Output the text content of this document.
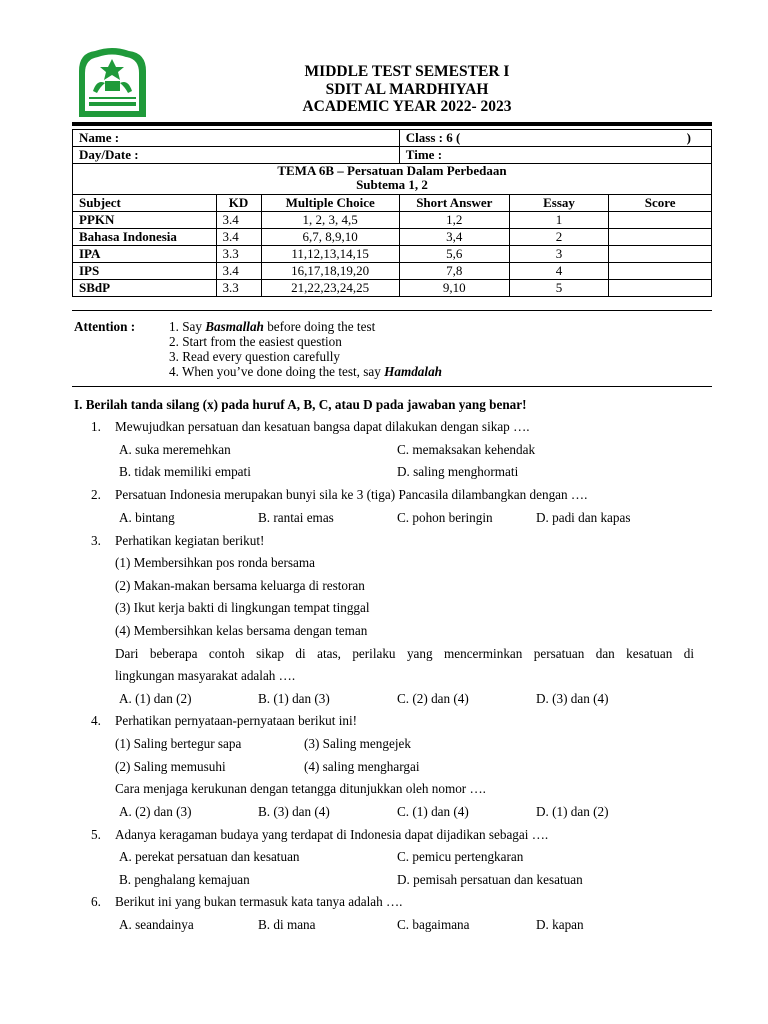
MIDDLE TEST SEMESTER I
SDIT AL MARDHIYAH
ACADEMIC YEAR 2022- 2023
Name :			Class : 6 ( )		

Day/Date :			Time :		

TEMA 6B – Persatuan Dalam Perbedaan
Subtema 1, 2					

Subject	KD	Multiple Choice	Short Answer	Essay	Score
PPKN	3.4	1, 2, 3, 4,5	1,2	1	
Bahasa Indonesia	3.4	6,7, 8,9,10	3,4	2	
IPA	3.3	11,12,13,14,15	5,6	3	
IPS	3.4	16,17,18,19,20	7,8	4	
SBdP	3.3	21,22,23,24,25	9,10	5	
Attention :	1. Say Basmallah before doing the test
2. Start from the easiest question
3. Read every question carefully
4. When you’ve done doing the test, say Hamdalah
I. Berilah tanda silang (x) pada huruf A, B, C, atau D pada jawaban yang benar!
1. Mewujudkan persatuan dan kesatuan bangsa dapat dilakukan dengan sikap ….
A. suka meremehkan	C. memaksakan kehendak
B. tidak memiliki empati	D. saling menghormati
2. Persatuan Indonesia merupakan bunyi sila ke 3 (tiga) Pancasila dilambangkan dengan ….
A. bintang	B. rantai emas	C. pohon beringin	D. padi dan kapas
3. Perhatikan kegiatan berikut!
(1) Membersihkan pos ronda bersama
(2) Makan-makan bersama keluarga di restoran
(3) Ikut kerja bakti di lingkungan tempat tinggal
(4) Membersihkan kelas bersama dengan teman
Dari beberapa contoh sikap di atas, perilaku yang mencerminkan persatuan dan kesatuan di
lingkungan masyarakat adalah ….
A. (1) dan (2)	B. (1) dan (3)	C. (2) dan (4)	D. (3) dan (4)
4. Perhatikan pernyataan-pernyataan berikut ini!
(1) Saling bertegur sapa	(3) Saling mengejek
(2) Saling memusuhi	(4) saling menghargai
Cara menjaga kerukunan dengan tetangga ditunjukkan oleh nomor ….
A. (2) dan (3)	B. (3) dan (4)	C. (1) dan (4)	D. (1) dan (2)
5. Adanya keragaman budaya yang terdapat di Indonesia dapat dijadikan sebagai ….
A. perekat persatuan dan kesatuan	C. pemicu pertengkaran
B. penghalang kemajuan	D. pemisah persatuan dan kesatuan
6. Berikut ini yang bukan termasuk kata tanya adalah ….
A. seandainya	B. di mana	C. bagaimana	D. kapan
